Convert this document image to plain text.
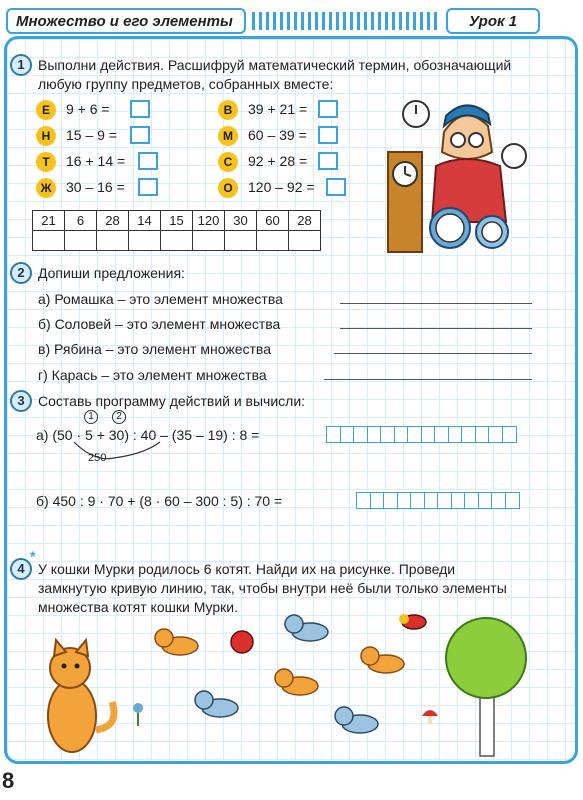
Множество и его элементы	Урок 1
1 Выполни действия. Расшифруй математический термин, обозначающий
любую группу предметов, собранных вместе:
Е	9 + 6 =
Н	15 – 9 =
Т	16 + 14 =
Ж	30 – 16 =
В	39 + 21 =
М	60 – 39 =
С	92 + 28 =
О	120 – 92 =
21	6	28	14	15	120	30	60	28

2 Допиши предложения:
а) Ромашка – это элемент множества
б) Соловей – это элемент множества
в) Рябина – это элемент множества
г) Карась – это элемент множества
3 Составь программу действий и вычисли:
1	2
а) (50 · 5 + 30) : 40 – (35 – 19) : 8 =
250
б) 450 : 9 · 70 + (8 · 60 – 300 : 5) : 70 =
*
4 У кошки Мурки родилось 6 котят. Найди их на рисунке. Проведи
замкнутую кривую линию, так, чтобы внутри неё были только элементы
множества котят кошки Мурки.
8
